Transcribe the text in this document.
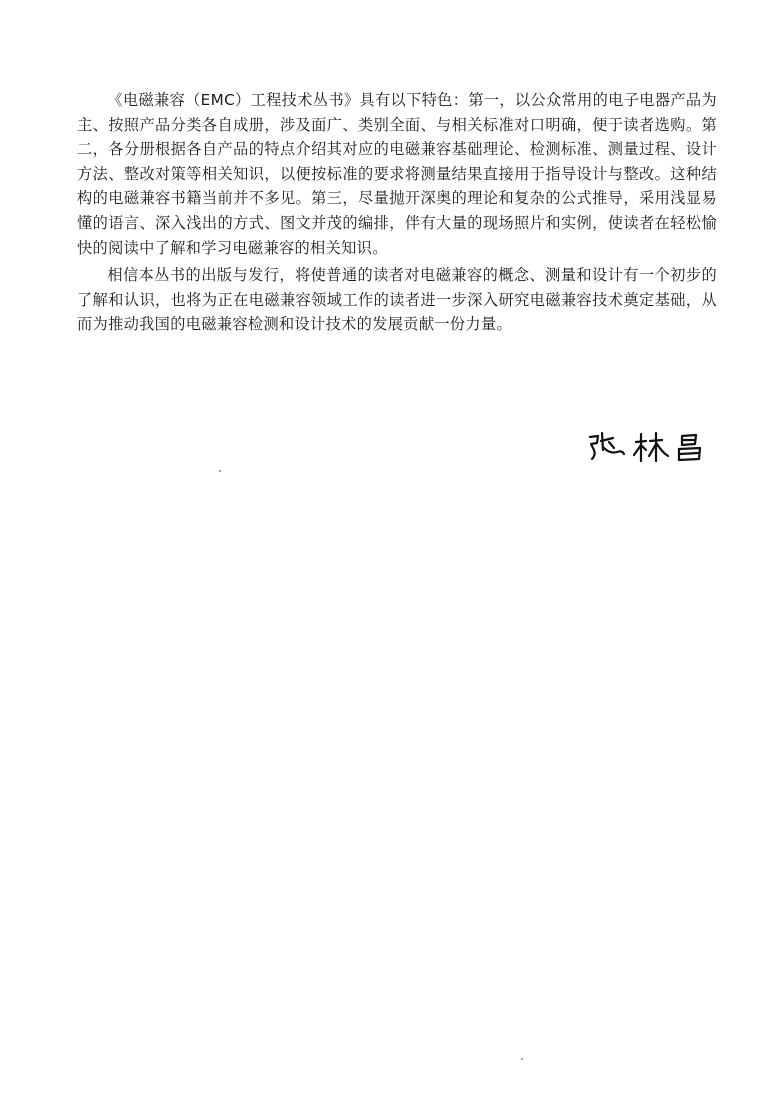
《电磁兼容（EMC）工程技术丛书》具有以下特色：第一，以公众常用的电子电器产品为主、按照产品分类各自成册，涉及面广、类别全面、与相关标准对口明确，便于读者选购。第二，各分册根据各自产品的特点介绍其对应的电磁兼容基础理论、检测标准、测量过程、设计方法、整改对策等相关知识，以便按标准的要求将测量结果直接用于指导设计与整改。这种结构的电磁兼容书籍当前并不多见。第三，尽量抛开深奥的理论和复杂的公式推导，采用浅显易懂的语言、深入浅出的方式、图文并茂的编排，伴有大量的现场照片和实例，使读者在轻松愉快的阅读中了解和学习电磁兼容的相关知识。

相信本丛书的出版与发行，将使普通的读者对电磁兼容的概念、测量和设计有一个初步的了解和认识，也将为正在电磁兼容领域工作的读者进一步深入研究电磁兼容技术奠定基础，从而为推动我国的电磁兼容检测和设计技术的发展贡献一份力量。
